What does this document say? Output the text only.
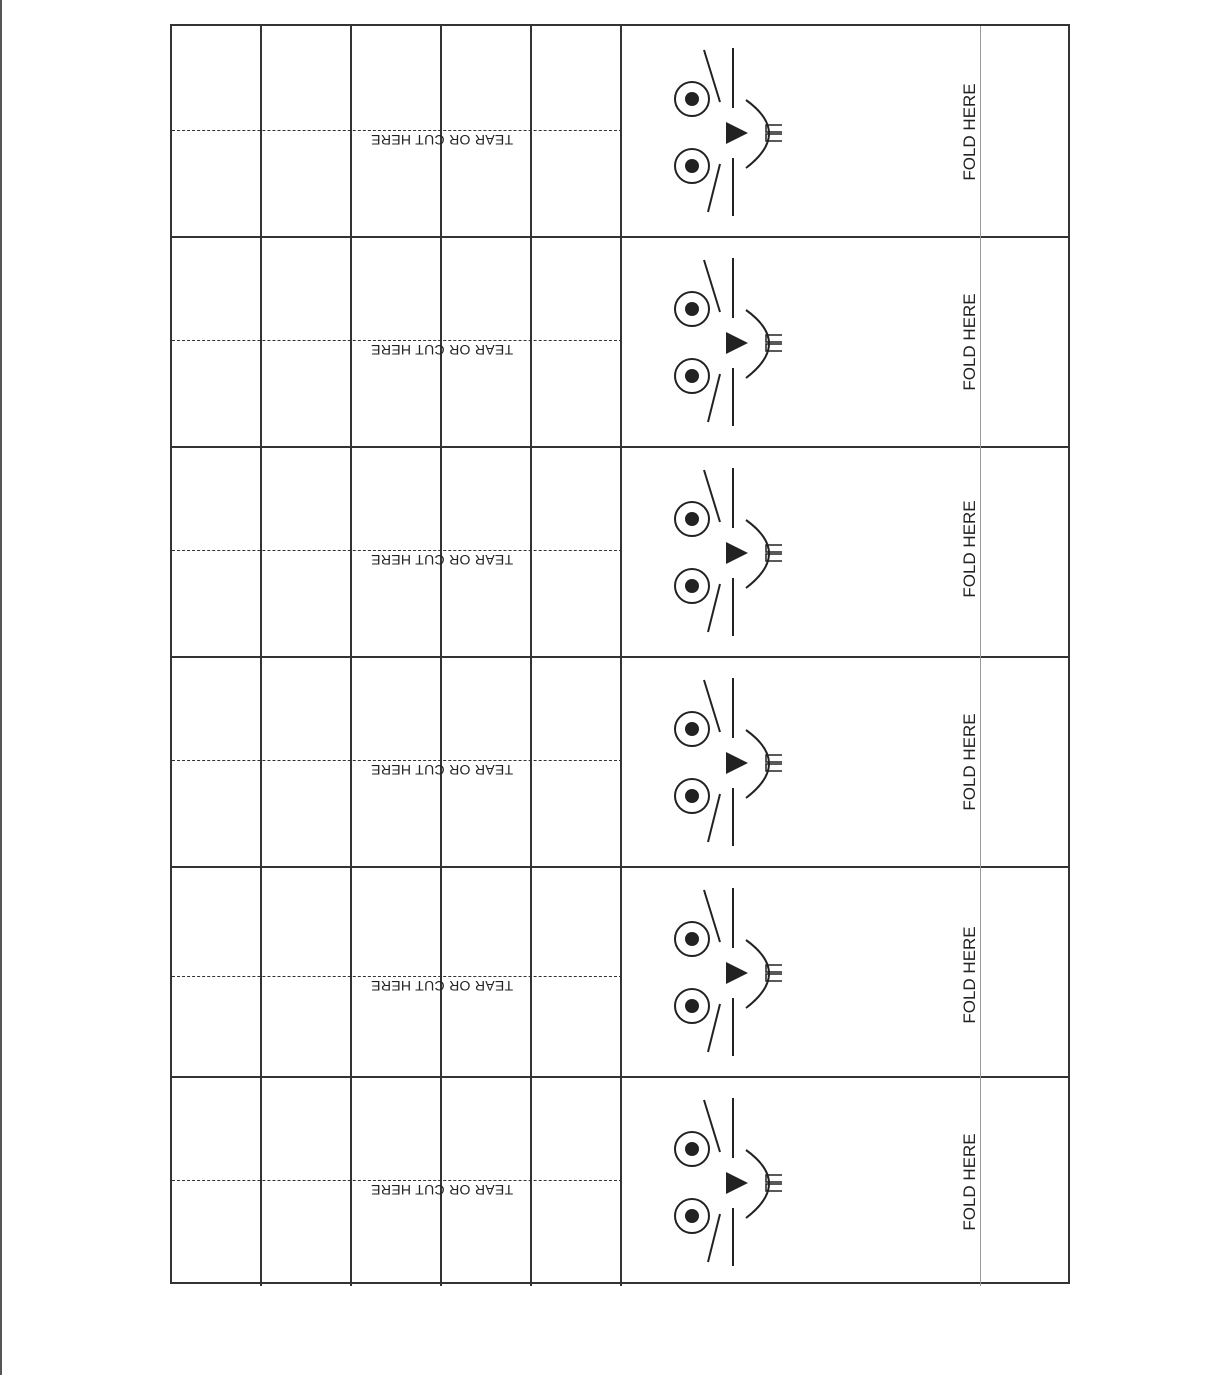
TEAR OR CUT HERE	FOLD HERE
TEAR OR CUT HERE	FOLD HERE
TEAR OR CUT HERE	FOLD HERE
TEAR OR CUT HERE	FOLD HERE
TEAR OR CUT HERE	FOLD HERE
TEAR OR CUT HERE	FOLD HERE
